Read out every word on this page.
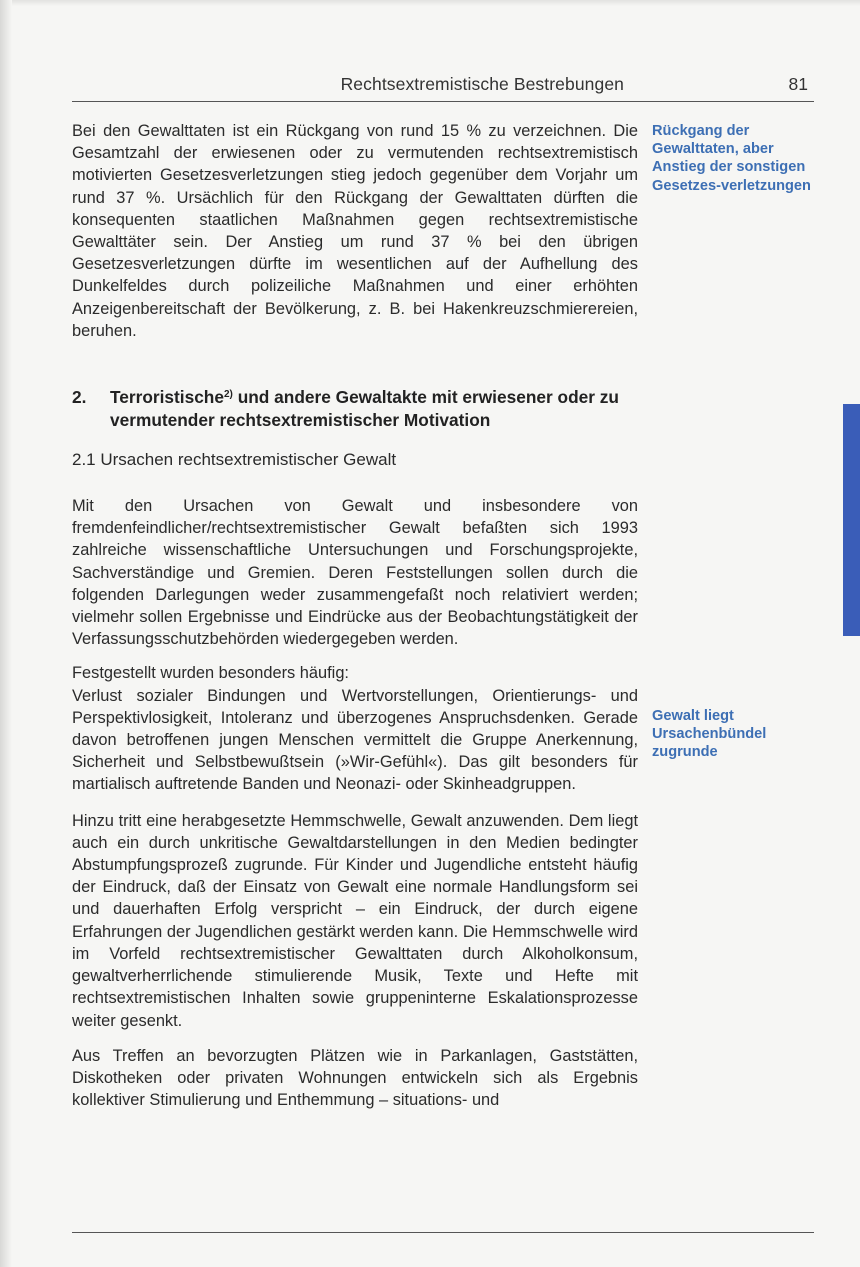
Rechtsextremistische Bestrebungen	81

Bei den Gewalttaten ist ein Rückgang von rund 15 % zu verzeichnen. Die Gesamtzahl der erwiesenen oder zu vermutenden rechtsextremistisch motivierten Gesetzesverletzungen stieg jedoch gegenüber dem Vorjahr um rund 37 %. Ursächlich für den Rückgang der Gewalttaten dürften die konsequenten staatlichen Maßnahmen gegen rechtsextremistische Gewalttäter sein. Der Anstieg um rund 37 % bei den übrigen Gesetzesverletzungen dürfte im wesentlichen auf der Aufhellung des Dunkelfeldes durch polizeiliche Maßnahmen und einer erhöhten Anzeigenbereitschaft der Bevölkerung, z. B. bei Hakenkreuzschmierereien, beruhen.

2.	Terroristische$^{2)}$ und andere Gewaltakte mit erwiesener oder zu vermutender rechtsextremistischer Motivation
2.1 Ursachen rechtsextremistischer Gewalt

Mit den Ursachen von Gewalt und insbesondere von fremdenfeindlicher/rechtsextremistischer Gewalt befaßten sich 1993 zahlreiche wissenschaftliche Untersuchungen und Forschungsprojekte, Sachverständige und Gremien. Deren Feststellungen sollen durch die folgenden Darlegungen weder zusammengefaßt noch relativiert werden; vielmehr sollen Ergebnisse und Eindrücke aus der Beobachtungstätigkeit der Verfassungsschutzbehörden wiedergegeben werden.

Festgestellt wurden besonders häufig:

Verlust sozialer Bindungen und Wertvorstellungen, Orientierungs- und Perspektivlosigkeit, Intoleranz und überzogenes Anspruchsdenken. Gerade davon betroffenen jungen Menschen vermittelt die Gruppe Anerkennung, Sicherheit und Selbstbewußtsein (»Wir-Gefühl«). Das gilt besonders für martialisch auftretende Banden und Neonazi- oder Skinheadgruppen.

Hinzu tritt eine herabgesetzte Hemmschwelle, Gewalt anzuwenden. Dem liegt auch ein durch unkritische Gewaltdarstellungen in den Medien bedingter Abstumpfungsprozeß zugrunde. Für Kinder und Jugendliche entsteht häufig der Eindruck, daß der Einsatz von Gewalt eine normale Handlungsform sei und dauerhaften Erfolg verspricht – ein Eindruck, der durch eigene Erfahrungen der Jugendlichen gestärkt werden kann. Die Hemmschwelle wird im Vorfeld rechtsextremistischer Gewalttaten durch Alkoholkonsum, gewaltverherrlichende stimulierende Musik, Texte und Hefte mit rechtsextremistischen Inhalten sowie gruppeninterne Eskalationsprozesse weiter gesenkt.

Aus Treffen an bevorzugten Plätzen wie in Parkanlagen, Gaststätten, Diskotheken oder privaten Wohnungen entwickeln sich als Ergebnis kollektiver Stimulierung und Enthemmung – situations- und

Rückgang der Gewalttaten, aber Anstieg der sonstigen Gesetzes-verletzungen
Gewalt liegt Ursachenbündel zugrunde
